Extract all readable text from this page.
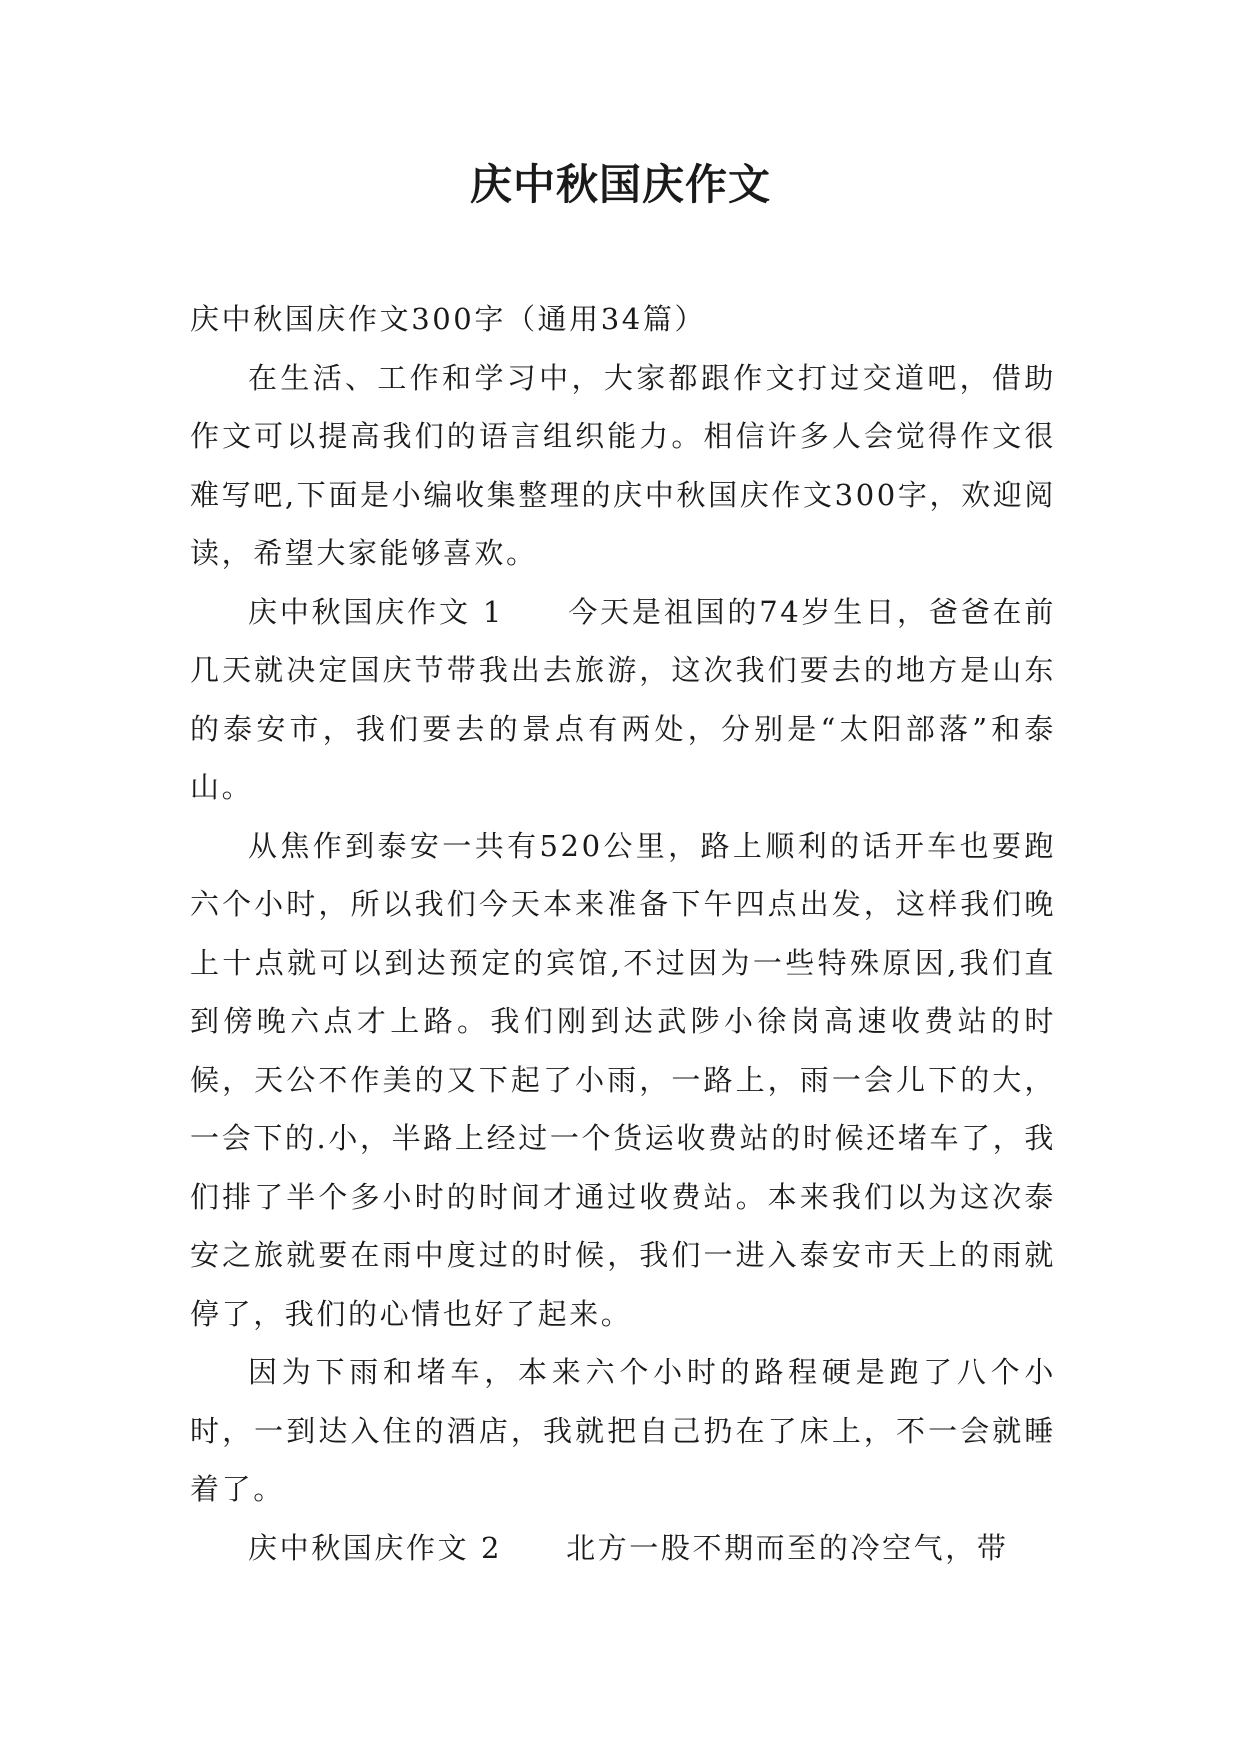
庆中秋国庆作文

庆中秋国庆作文300字（通用34篇）

在生活、工作和学习中，大家都跟作文打过交道吧，借助作文可以提高我们的语言组织能力。相信许多人会觉得作文很难写吧,下面是小编收集整理的庆中秋国庆作文300字，欢迎阅读，希望大家能够喜欢。

庆中秋国庆作文 1 今天是祖国的74岁生日，爸爸在前几天就决定国庆节带我出去旅游，这次我们要去的地方是山东的泰安市，我们要去的景点有两处，分别是“太阳部落”和泰山。

从焦作到泰安一共有520公里，路上顺利的话开车也要跑六个小时，所以我们今天本来准备下午四点出发，这样我们晚上十点就可以到达预定的宾馆,不过因为一些特殊原因,我们直到傍晚六点才上路。我们刚到达武陟小徐岗高速收费站的时候，天公不作美的又下起了小雨，一路上，雨一会儿下的大，一会下的.小，半路上经过一个货运收费站的时候还堵车了，我们排了半个多小时的时间才通过收费站。本来我们以为这次泰安之旅就要在雨中度过的时候，我们一进入泰安市天上的雨就停了，我们的心情也好了起来。

因为下雨和堵车，本来六个小时的路程硬是跑了八个小时，一到达入住的酒店，我就把自己扔在了床上，不一会就睡着了。

庆中秋国庆作文 2 北方一股不期而至的冷空气，带
